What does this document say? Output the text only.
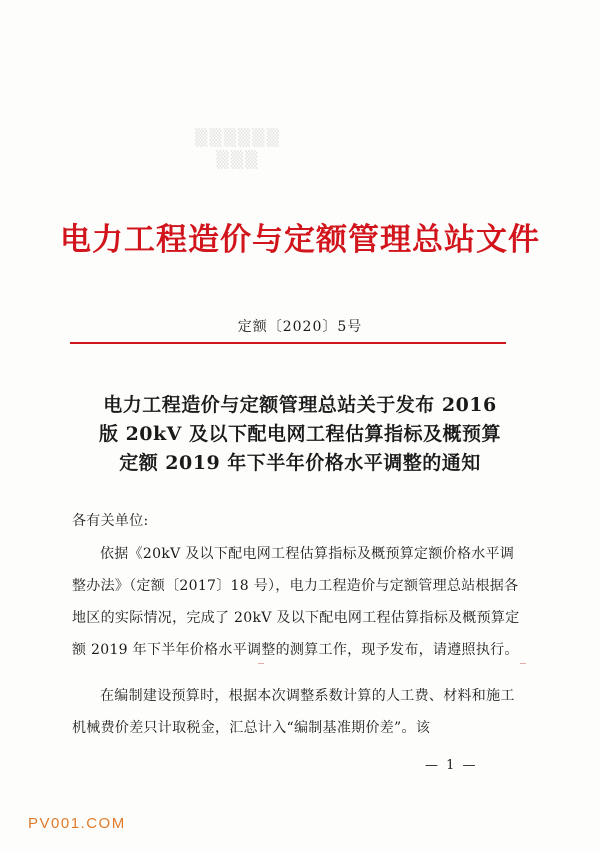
▒▒▒▒▒▒
▒▒▒
电力工程造价与定额管理总站文件
定额〔2020〕5号
电力工程造价与定额管理总站关于发布 2016
版 20kV 及以下配电网工程估算指标及概预算
定额 2019 年下半年价格水平调整的通知
各有关单位:
依据《20kV 及以下配电网工程估算指标及概预算定额价格水平调整办法》（定额〔2017〕18 号），电力工程造价与定额管理总站根据各地区的实际情况，完成了 20kV 及以下配电网工程估算指标及概预算定额 2019 年下半年价格水平调整的测算工作，现予发布，请遵照执行。
在编制建设预算时，根据本次调整系数计算的人工费、材料和施工机械费价差只计取税金，汇总计入“编制基准期价差”。该
— 1 —
PV001.COM
